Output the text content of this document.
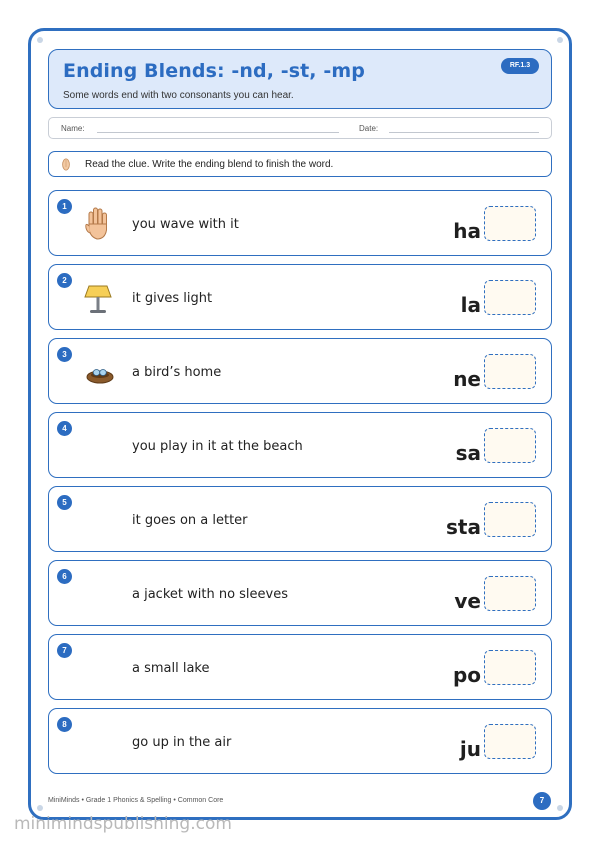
Ending Blends: -nd, -st, -mp
Some words end with two consonants you can hear.
RF.1.3
Name:	Date:
Read the clue. Write the ending blend to finish the word.
1
you wave with it	ha
2
it gives light	la
3
a bird’s home	ne
4
you play in it at the beach	sa
5
it goes on a letter	sta
6
a jacket with no sleeves	ve
7
a small lake	po
8
go up in the air	ju
MiniMinds • Grade 1 Phonics & Spelling • Common Core	7
minimindspublishing.com
